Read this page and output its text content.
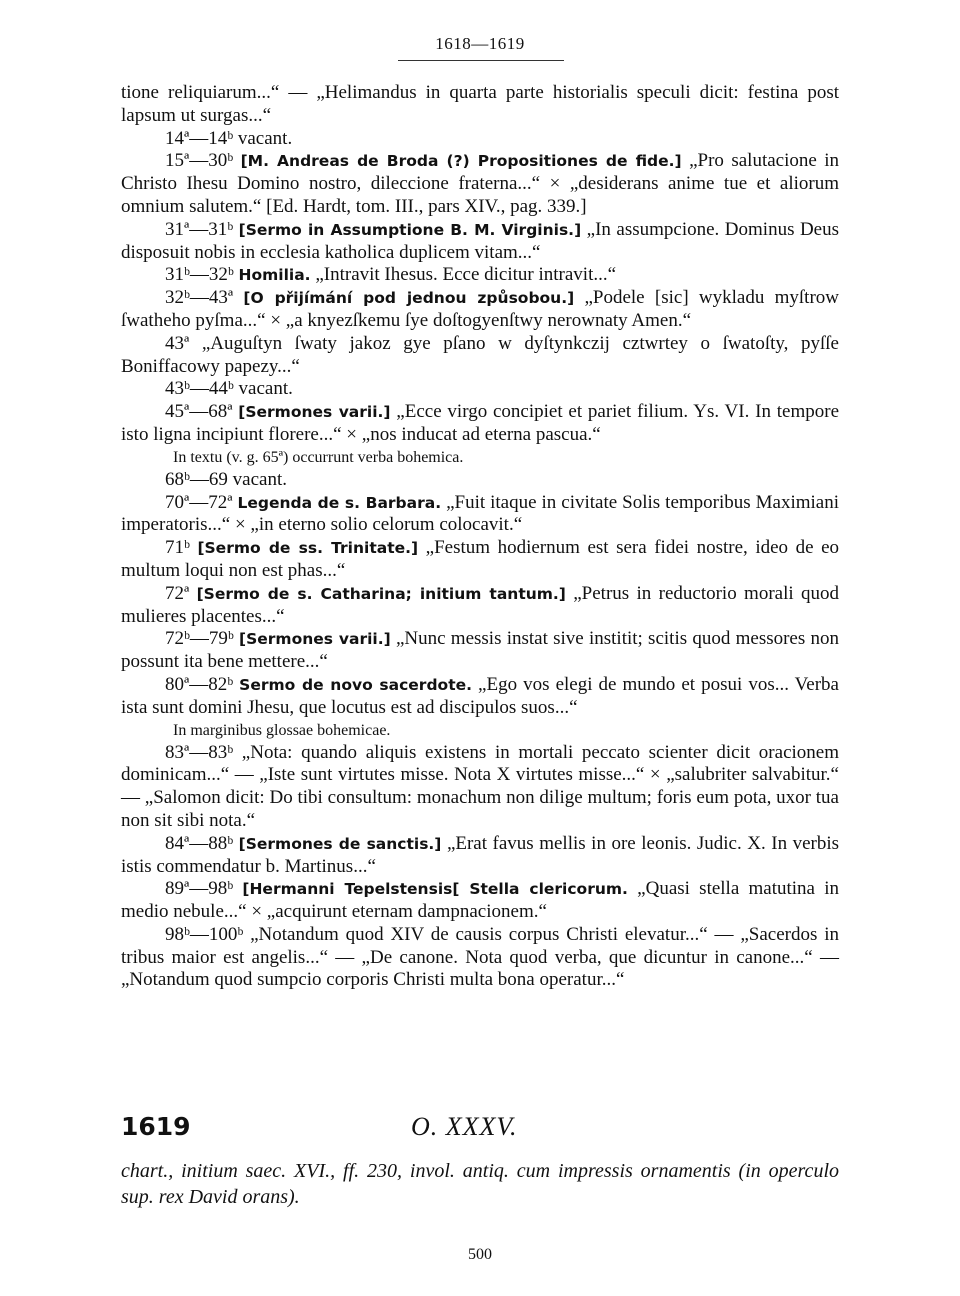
1618—1619

tione reliquiarum...“ — „Helimandus in quarta parte historialis speculi dicit: festina post lapsum ut surgas...“

14ª—14ᵇ vacant.

15ª—30ᵇ [M. Andreas de Broda (?) Propositiones de fide.] „Pro salutacione in Christo Ihesu Domino nostro, dileccione fraterna...“ × „desiderans anime tue et aliorum omnium salutem.“ [Ed. Hardt, tom. III., pars XIV., pag. 339.]

31ª—31ᵇ [Sermo in Assumptione B. M. Virginis.] „In assumpcione. Dominus Deus disposuit nobis in ecclesia katholica duplicem vitam...“

31ᵇ—32ᵇ Homilia. „Intravit Ihesus. Ecce dicitur intravit...“

32ᵇ—43ª [O přijímání pod jednou způsobou.] „Podele [sic] wykladu myſtrow ſwatheho pyſma...“ × „a knyezſkemu ſye doſtogyenſtwy nerownaty Amen.“

43ª „Auguſtyn ſwaty jakoz gye pſano w dyſtynkczij cztwrtey o ſwatoſty, pyſſe Boniffacowy papezy...“

43ᵇ—44ᵇ vacant.

45ª—68ª [Sermones varii.] „Ecce virgo concipiet et pariet filium. Ys. VI. In tempore isto ligna incipiunt florere...“ × „nos inducat ad eterna pascua.“

In textu (v. g. 65ª) occurrunt verba bohemica.

68ᵇ—69 vacant.

70ª—72ª Legenda de s. Barbara. „Fuit itaque in civitate Solis temporibus Maximiani imperatoris...“ × „in eterno solio celorum colocavit.“

71ᵇ [Sermo de ss. Trinitate.] „Festum hodiernum est sera fidei nostre, ideo de eo multum loqui non est phas...“

72ª [Sermo de s. Catharina; initium tantum.] „Petrus in reductorio morali quod mulieres placentes...“

72ᵇ—79ᵇ [Sermones varii.] „Nunc messis instat sive institit; scitis quod messores non possunt ita bene mettere...“

80ª—82ᵇ Sermo de novo sacerdote. „Ego vos elegi de mundo et posui vos... Verba ista sunt domini Jhesu, que locutus est ad discipulos suos...“

In marginibus glossae bohemicae.

83ª—83ᵇ „Nota: quando aliquis existens in mortali peccato scienter dicit oracionem dominicam...“ — „Iste sunt virtutes misse. Nota X virtutes misse...“ × „salubriter salvabitur.“ — „Salomon dicit: Do tibi consultum: monachum non dilige multum; foris eum pota, uxor tua non sit sibi nota.“

84ª—88ᵇ [Sermones de sanctis.] „Erat favus mellis in ore leonis. Judic. X. In verbis istis commendatur b. Martinus...“

89ª—98ᵇ [Hermanni Tepelstensis[ Stella clericorum. „Quasi stella matutina in medio nebule...“ × „acquirunt eternam dampnacionem.“

98ᵇ—100ᵇ „Notandum quod XIV de causis corpus Christi elevatur...“ — „Sacerdos in tribus maior est angelis...“ — „De canone. Nota quod verba, que dicuntur in canone...“ — „Notandum quod sumpcio corporis Christi multa bona operatur...“

1619	O. XXXV.

chart., initium saec. XVI., ff. 230, invol. antiq. cum impressis ornamentis (in operculo sup. rex David orans).

500
